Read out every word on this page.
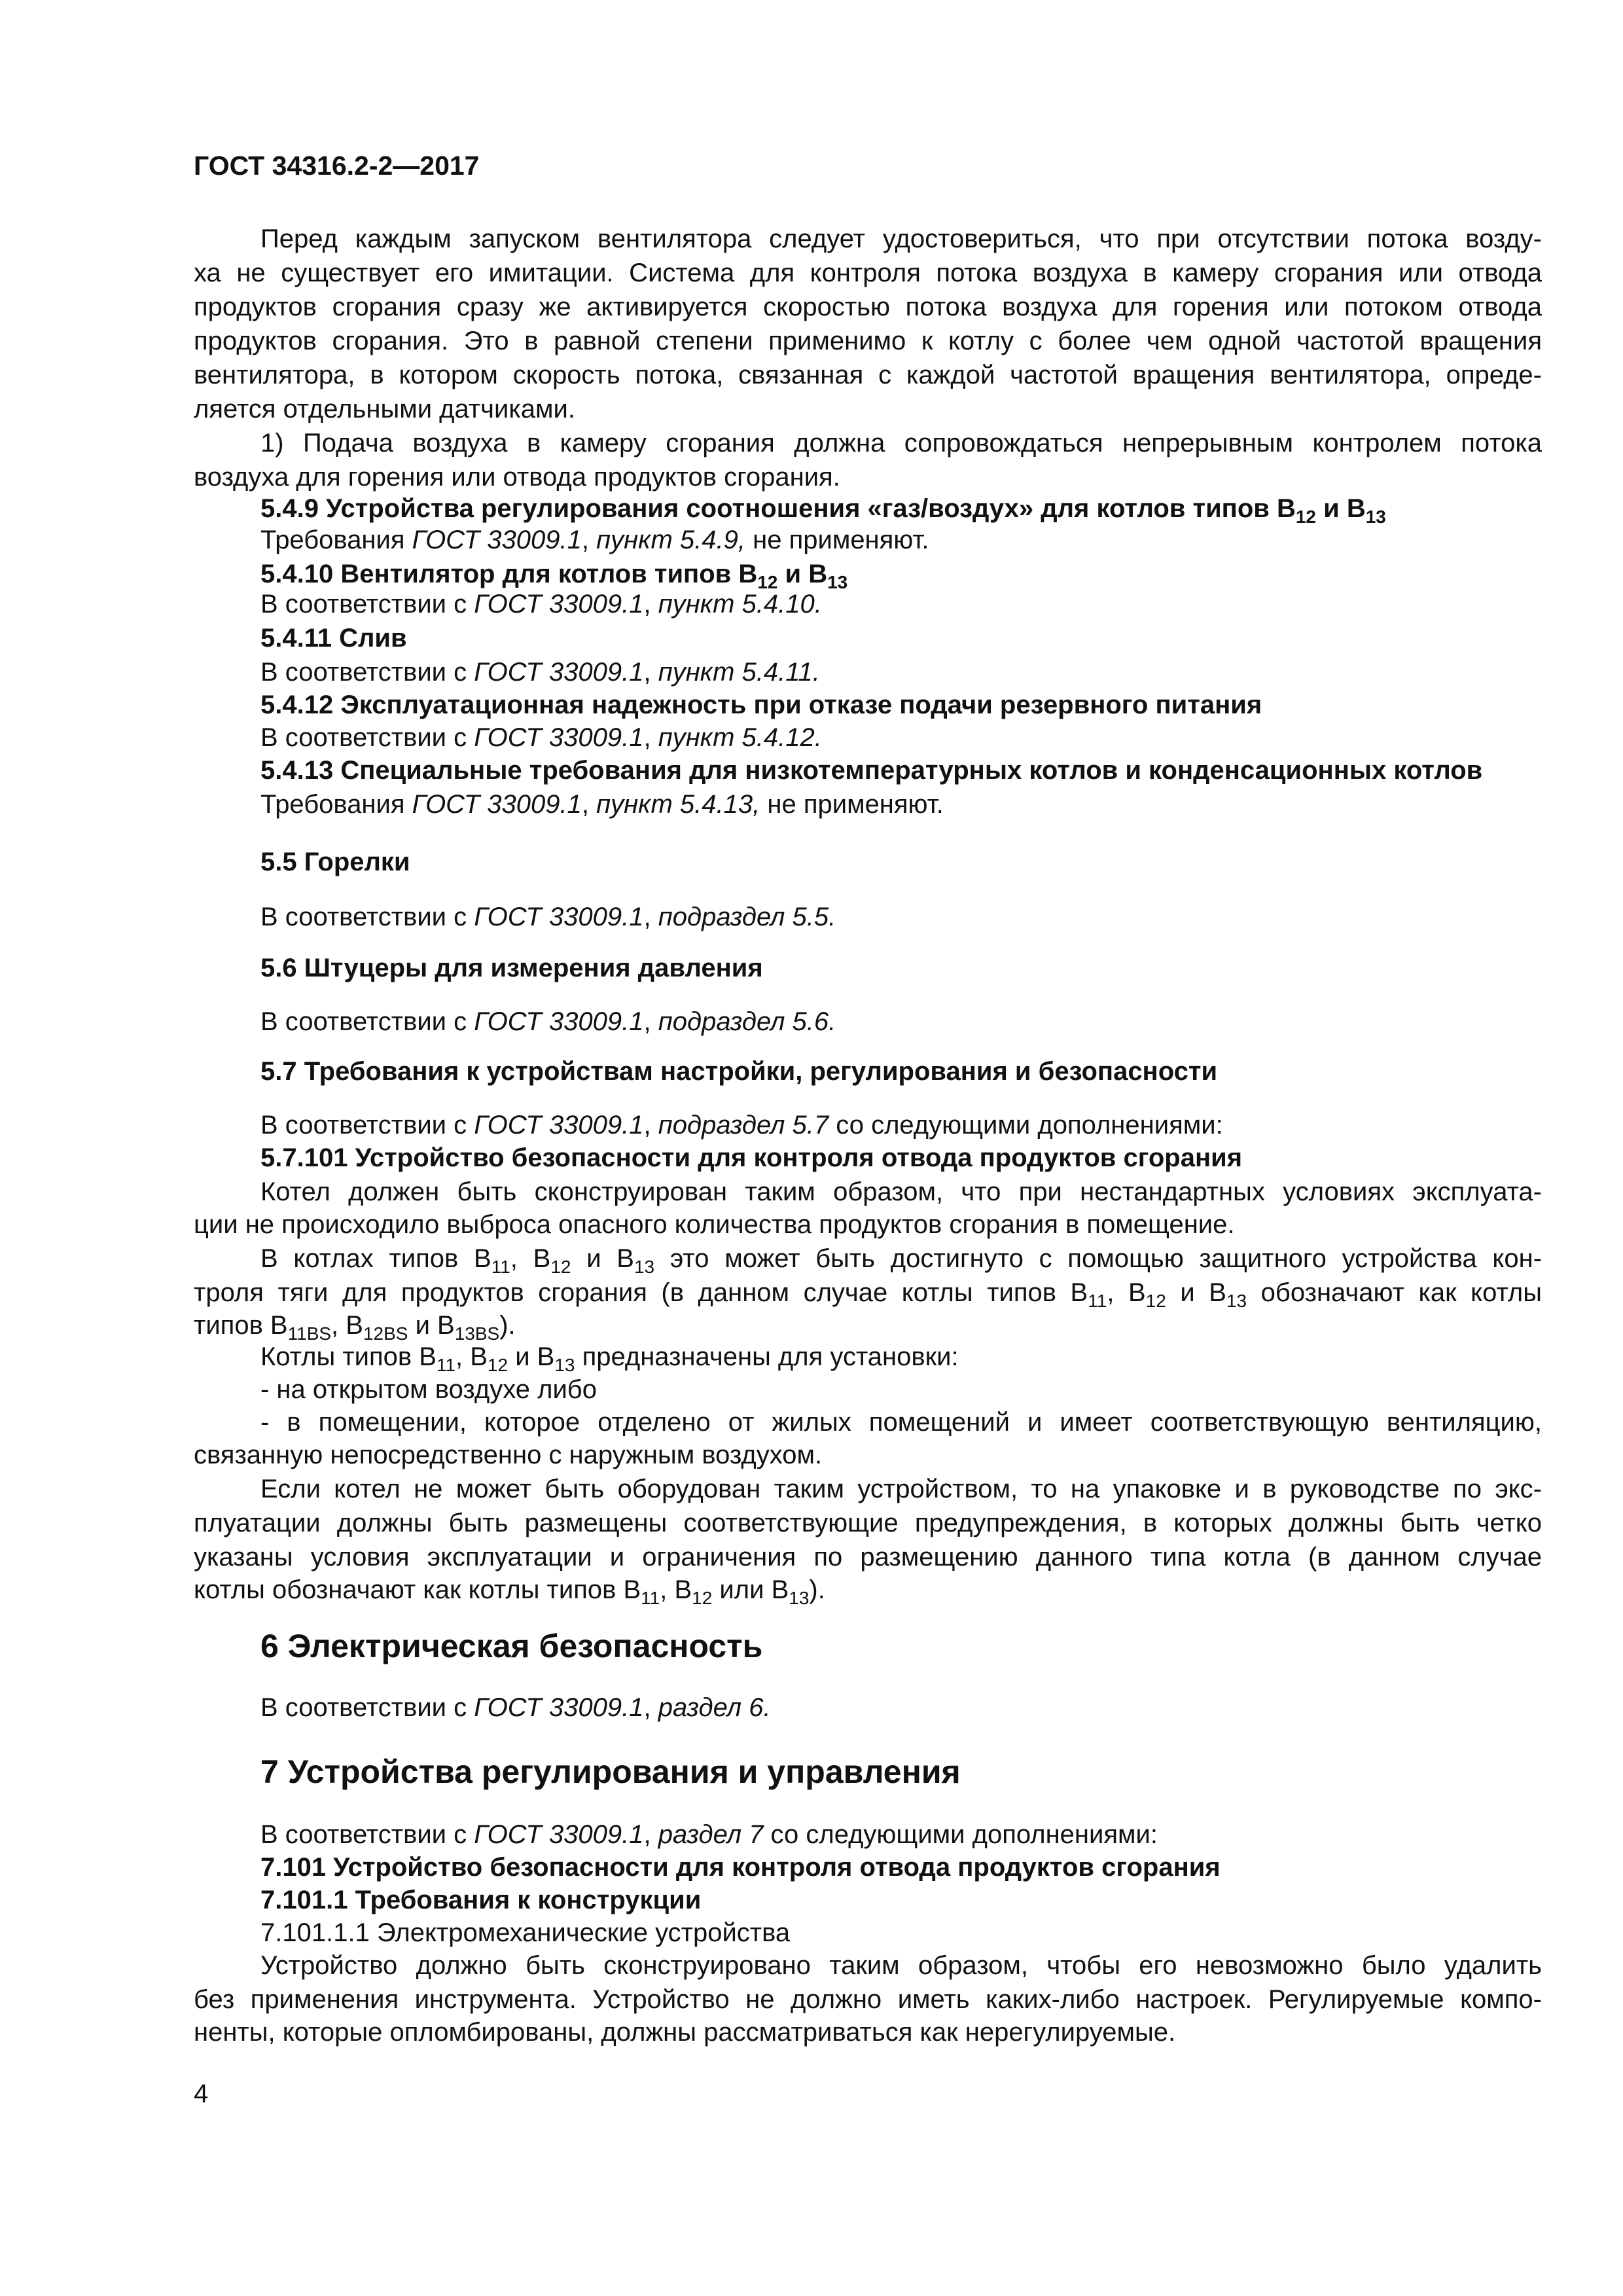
ГОСТ 34316.2-2—2017
Перед каждым запуском вентилятора следует удостовериться, что при отсутствии потока возду-
ха не существует его имитации. Система для контроля потока воздуха в камеру сгорания или отвода
продуктов сгорания сразу же активируется скоростью потока воздуха для горения или потоком отвода
продуктов сгорания. Это в равной степени применимо к котлу с более чем одной частотой вращения
вентилятора, в котором скорость потока, связанная с каждой частотой вращения вентилятора, опреде-
ляется отдельными датчиками.
1) Подача воздуха в камеру сгорания должна сопровождаться непрерывным контролем потока
воздуха для горения или отвода продуктов сгорания.
5.4.9 Устройства регулирования соотношения «газ/воздух» для котлов типов $В_{12}$ и $В_{13}$
Требования ГОСТ 33009.1, пункт 5.4.9, не применяют.
5.4.10 Вентилятор для котлов типов $В_{12}$ и $В_{13}$
В соответствии с ГОСТ 33009.1, пункт 5.4.10.
5.4.11 Слив
В соответствии с ГОСТ 33009.1, пункт 5.4.11.
5.4.12 Эксплуатационная надежность при отказе подачи резервного питания
В соответствии с ГОСТ 33009.1, пункт 5.4.12.
5.4.13 Специальные требования для низкотемпературных котлов и конденсационных котлов
Требования ГОСТ 33009.1, пункт 5.4.13, не применяют.
5.5 Горелки
В соответствии с ГОСТ 33009.1, подраздел 5.5.
5.6 Штуцеры для измерения давления
В соответствии с ГОСТ 33009.1, подраздел 5.6.
5.7 Требования к устройствам настройки, регулирования и безопасности
В соответствии с ГОСТ 33009.1, подраздел 5.7 со следующими дополнениями:
5.7.101 Устройство безопасности для контроля отвода продуктов сгорания
Котел должен быть сконструирован таким образом, что при нестандартных условиях эксплуата-
ции не происходило выброса опасного количества продуктов сгорания в помещение.
В котлах типов $В_{11}$, $В_{12}$ и $В_{13}$ это может быть достигнуто с помощью защитного устройства кон-
троля тяги для продуктов сгорания (в данном случае котлы типов $В_{11}$, $В_{12}$ и $В_{13}$ обозначают как котлы
типов $В_{11BS}$, $В_{12BS}$ и $В_{13BS}$).
Котлы типов $В_{11}$, $В_{12}$ и $В_{13}$ предназначены для установки:
- на открытом воздухе либо
- в помещении, которое отделено от жилых помещений и имеет соответствующую вентиляцию,
связанную непосредственно с наружным воздухом.
Если котел не может быть оборудован таким устройством, то на упаковке и в руководстве по экс-
плуатации должны быть размещены соответствующие предупреждения, в которых должны быть четко
указаны условия эксплуатации и ограничения по размещению данного типа котла (в данном случае
котлы обозначают как котлы типов $В_{11}$, $В_{12}$ или $В_{13}$).
6 Электрическая безопасность
В соответствии с ГОСТ 33009.1, раздел 6.
7 Устройства регулирования и управления
В соответствии с ГОСТ 33009.1, раздел 7 со следующими дополнениями:
7.101 Устройство безопасности для контроля отвода продуктов сгорания
7.101.1 Требования к конструкции
7.101.1.1 Электромеханические устройства
Устройство должно быть сконструировано таким образом, чтобы его невозможно было удалить
без применения инструмента. Устройство не должно иметь каких-либо настроек. Регулируемые компо-
ненты, которые опломбированы, должны рассматриваться как нерегулируемые.
4
